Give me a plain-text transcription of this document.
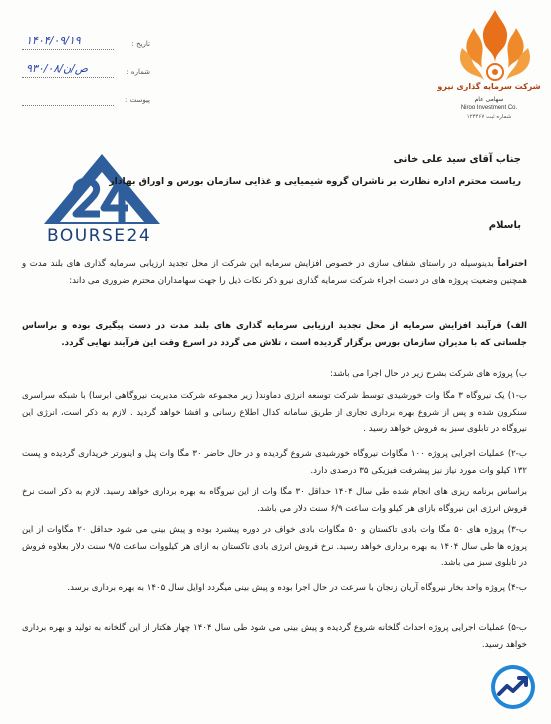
شرکت سرمایه گذاری نیرو
سهامی عام
Niroo Investment Co.
شماره ثبت ۱۲۳۴۶۷
تاریخ :
۱۴۰۴/۰۹/۱۹
شماره :
۹۳۰/۰۸/ص/ن
پیوست :
BOURSE24
جناب آقای سید علی خانی
ریاست محترم اداره نظارت بر ناشران گروه شیمیایی و غذایی سازمان بورس و اوراق بهادار
باسلام
احتراماً بدینوسیله در راستای شفاف سازی در خصوص افزایش سرمایه این شرکت از محل تجدید ارزیابی سرمایه گذاری های بلند مدت و همچنین وضعیت پروژه های در دست اجراء شرکت سرمایه گذاری نیرو ذکر نکات ذیل را جهت سهامداران محترم ضروری می داند:
الف) فرآیند افزایش سرمایه از محل تجدید ارزیابی سرمایه گذاری های بلند مدت در دست پیگیری بوده و براساس جلساتی که با مدیران سازمان بورس برگزار گردیده است ، تلاش می گردد در اسرع وقت این فرآیند نهایی گردد.
ب) پروژه های شرکت بشرح زیر در حال اجرا می باشد:
ب-۱) یک نیروگاه ۳ مگا وات خورشیدی توسط شرکت توسعه انرژی دماوند( زیر مجموعه شرکت مدیریت نیروگاهی ابرسا) با شبکه سراسری سنکرون شده و پس از شروع بهره برداری تجاری از طریق سامانه کدال اطلاع رسانی و افشا خواهد گردید . لازم به ذکر است، انرژی این نیروگاه در تابلوی سبز به فروش خواهد رسید .
ب-۲) عملیات اجرایی پروژه ۱۰۰ مگاوات نیروگاه خورشیدی شروع گردیده و در حال حاضر ۳۰ مگا وات پنل و اینورتر خریداری گردیده و پست ۱۳۲ کیلو وات مورد نیاز نیز پیشرفت فیزیکی ۳۵ درصدی دارد.
براساس برنامه ریزی های انجام شده طی سال ۱۴۰۴ حداقل ۳۰ مگا وات از این نیروگاه به بهره برداری خواهد رسید. لازم به ذکر است نرخ فروش انرژی این نیروگاه بازای هر کیلو وات ساعت ۶/۹ سنت دلار می باشد.
ب-۳) پروژه های ۵۰ مگا وات بادی تاکستان و ۵۰ مگاوات بادی خواف در دوره پیشبرد بوده و پیش بینی می شود حداقل ۲۰ مگاوات از این پروژه ها طی سال ۱۴۰۴ به بهره برداری خواهد رسید. نرخ فروش انرژی بادی تاکستان به ازای هر کیلووات ساعت ۹/۵ سنت دلار بعلاوه فروش در تابلوی سبز می باشد.
ب-۴) پروژه واحد بخار نیروگاه آریان زنجان با سرعت در حال اجرا بوده و پیش بینی میگردد اوایل سال ۱۴۰۵ به بهره برداری برسد.
ب-۵) عملیات اجرایی پروژه احداث گلخانه شروع گردیده و پیش بینی می شود طی سال ۱۴۰۴ چهار هکتار از این گلخانه به تولید و بهره برداری خواهد رسید.
